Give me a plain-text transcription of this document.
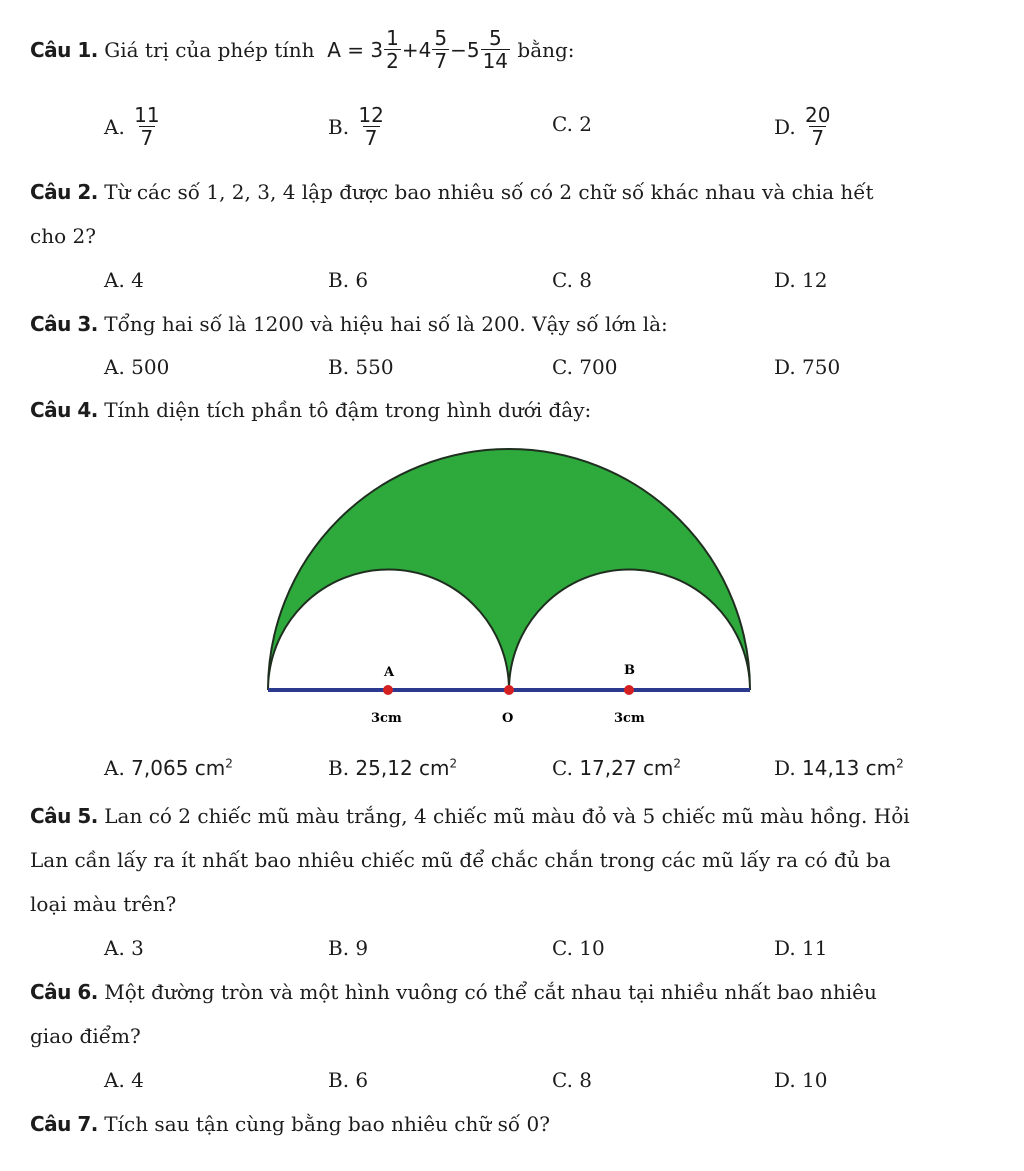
Câu 1.
Giá trị của phép tính
A =
$3 \frac{1}{2} + 4 \frac{5}{7} - 5 \frac{5}{14}$
bằng:
A.
$\frac{11}{7}$	B.
$\frac{12}{7}$	C. 2	D.
$\frac{20}{7}$
Câu 2. Từ các số 1, 2, 3, 4 lập được bao nhiêu số có 2 chữ số khác nhau và chia hết
cho 2?
A. 4	B. 6	C. 8	D. 12
Câu 3. Tổng hai số là 1200 và hiệu hai số là 200. Vậy số lớn là:
A. 500	B. 550	C. 700	D. 750
Câu 4. Tính diện tích phần tô đậm trong hình dưới đây:
A	B
O
3cm	3cm
A. 7,065 $cm^2$	B. 25,12 $cm^2$	C. 17,27 $cm^2$	D. 14,13 $cm^2$
Câu 5. Lan có 2 chiếc mũ màu trắng, 4 chiếc mũ màu đỏ và 5 chiếc mũ màu hồng. Hỏi
Lan cần lấy ra ít nhất bao nhiêu chiếc mũ để chắc chắn trong các mũ lấy ra có đủ ba
loại màu trên?
A. 3	B. 9	C. 10	D. 11
Câu 6. Một đường tròn và một hình vuông có thể cắt nhau tại nhiều nhất bao nhiêu
giao điểm?
A. 4	B. 6	C. 8	D. 10
Câu 7. Tích sau tận cùng bằng bao nhiêu chữ số 0?
